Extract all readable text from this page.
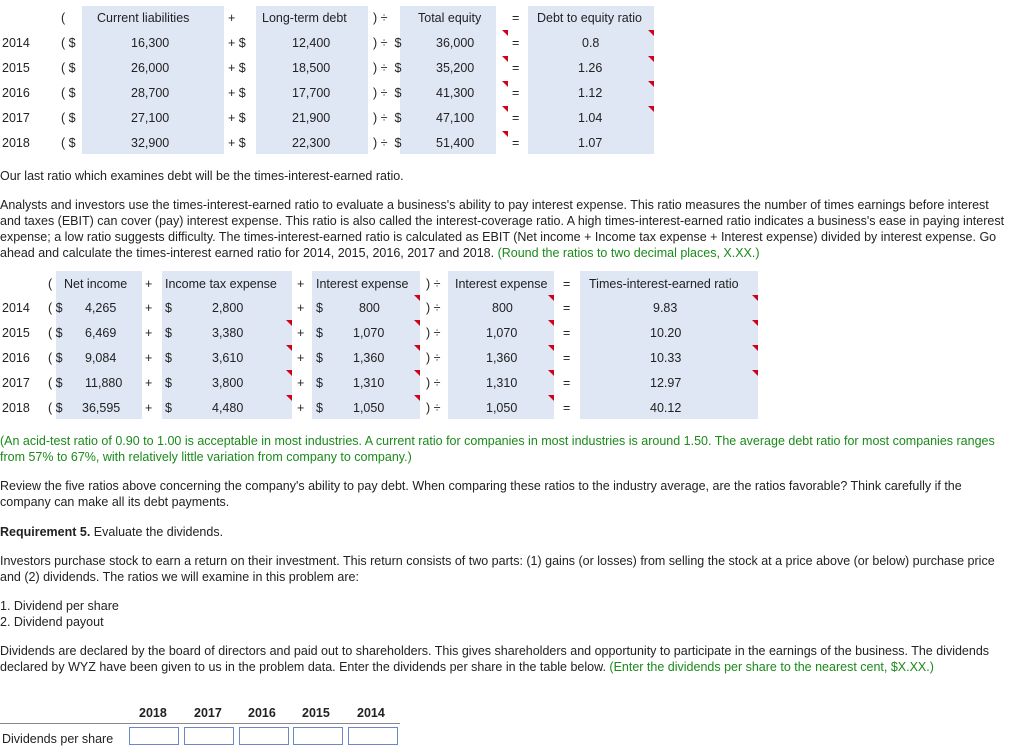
(	Current liabilities	+ Long-term debt ) ÷ Total equity = Debt to equity ratio
2014 ( $	16,300	+ $	12,400	) ÷  $	36,000	=	0.8
2015 ( $	26,000	+ $	18,500	) ÷  $	35,200	=	1.26
2016 ( $	28,700	+ $	17,700	) ÷  $	41,300	=	1.12
2017 ( $	27,100	+ $	21,900	) ÷  $	47,100	=	1.04
2018 ( $	32,900	+ $	22,300	) ÷  $	51,400	=	1.07
Our last ratio which examines debt will be the times-interest-earned ratio.
Analysts and investors use the times-interest-earned ratio to evaluate a business's ability to pay interest expense. This ratio measures the number of times earnings before interest and taxes (EBIT) can cover (pay) interest expense. This ratio is also called the interest-coverage ratio. A high times-interest-earned ratio indicates a business's ease in paying interest expense; a low ratio suggests difficulty. The times-interest-earned ratio is calculated as EBIT (Net income + Income tax expense + Interest expense) divided by interest expense. Go ahead and calculate the times-interest earned ratio for 2014, 2015, 2016, 2017 and 2018. (Round the ratios to two decimal places, X.XX.)
( Net income + Income tax expense + Interest expense ) ÷ Interest expense = Times-interest-earned ratio
2014 ( $ 4,265 + $	2,800	+ $	800	) ÷	800	=	9.83
2015 ( $ 6,469 + $	3,380	+ $ 1,070	) ÷	1,070	=	10.20
2016 ( $ 9,084 + $	3,610	+ $ 1,360	) ÷	1,360	=	10.33
2017 ( $ 11,880 + $	3,800	+ $ 1,310	) ÷	1,310	=	12.97
2018 ( $ 36,595 + $	4,480	+ $ 1,050	) ÷	1,050	=	40.12
(An acid-test ratio of 0.90 to 1.00 is acceptable in most industries. A current ratio for companies in most industries is around 1.50. The average debt ratio for most companies ranges from 57% to 67%, with relatively little variation from company to company.)
Review the five ratios above concerning the company's ability to pay debt. When comparing these ratios to the industry average, are the ratios favorable? Think carefully if the company can make all its debt payments.
Requirement 5. Evaluate the dividends.
Investors purchase stock to earn a return on their investment. This return consists of two parts: (1) gains (or losses) from selling the stock at a price above (or below) purchase price and (2) dividends. The ratios we will examine in this problem are:
1. Dividend per share
2. Dividend payout
Dividends are declared by the board of directors and paid out to shareholders. This gives shareholders and opportunity to participate in the earnings of the business. The dividends declared by WYZ have been given to us in the problem data. Enter the dividends per share in the table below. (Enter the dividends per share to the nearest cent, $X.XX.)
2018 2017 2016 2015 2014
Dividends per share
